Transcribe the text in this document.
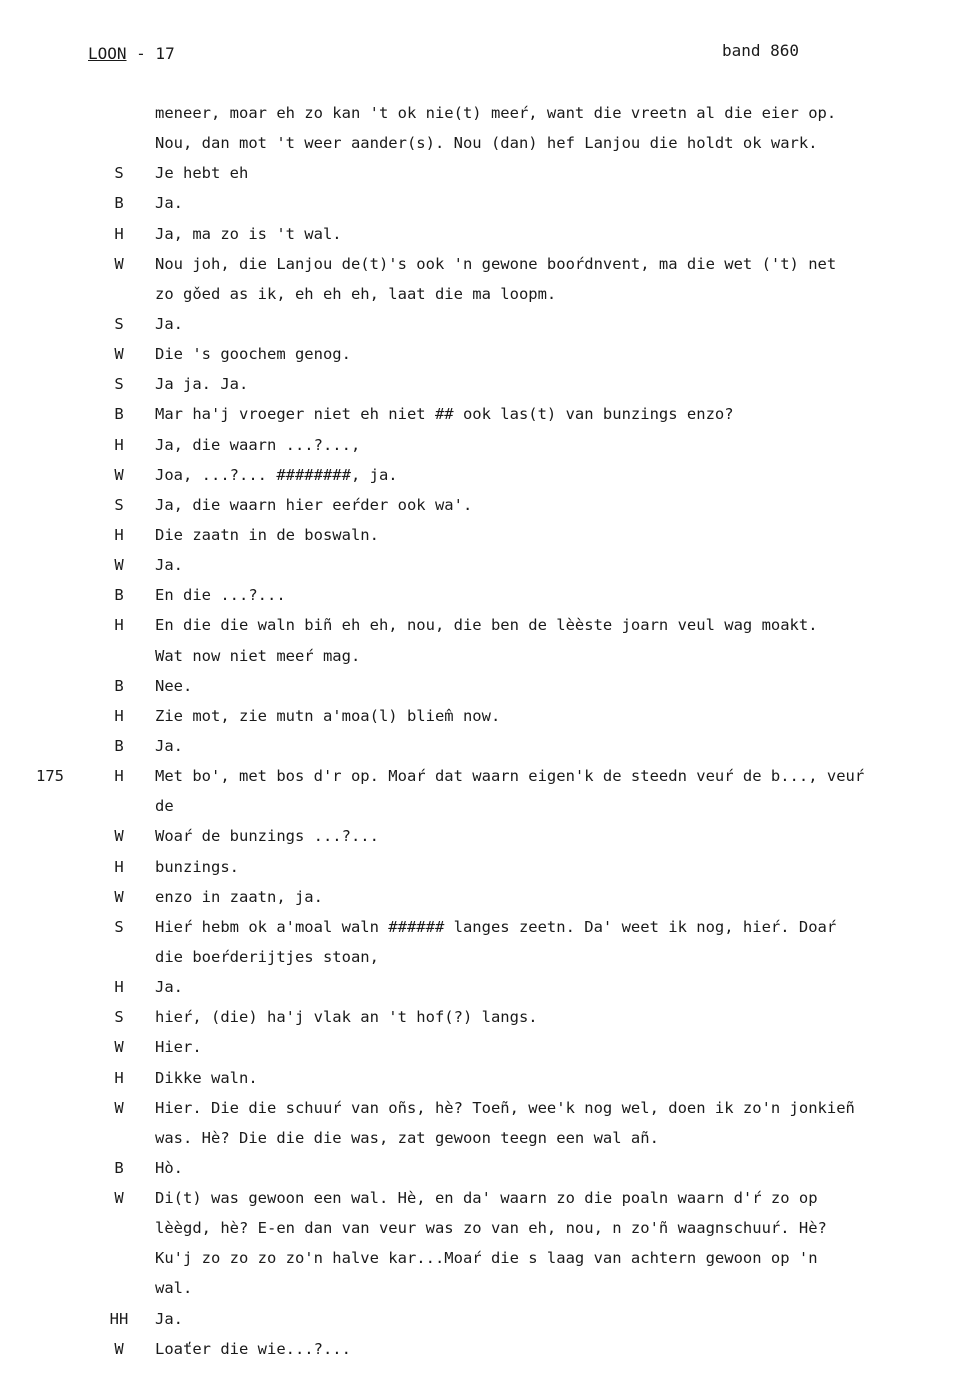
LOON - 17	band 860
meneer, moar eh zo kan 't ok nie(t) meeŕ, want die vreetn al die eier op.
Nou, dan mot 't weer aander(s). Nou (dan) hef Lanjou die holdt ok wark.
S	Je hebt eh
B	Ja.
H	Ja, ma zo is 't wal.
W	Nou joh, die Lanjou de(t)'s ook 'n gewone booŕdnvent, ma die wet ('t) net
zo gǒed as ik, eh eh eh, laat die ma loopm.
S	Ja.
W	Die 's goochem genog.
S	Ja ja. Ja.
B	Mar ha'j vroeger niet eh niet ## ook las(t) van bunzings enzo?
H	Ja, die waarn ...?...,
W	Joa, ...?... ########, ja.
S	Ja, die waarn hier eeŕder ook wa'.
H	Die zaatn in de boswaln.
W	Ja.
B	En die ...?...
H	En die die waln biñ eh eh, nou, die ben de lèèste joarn veul wag moakt.
Wat now niet meeŕ mag.
B	Nee.
H	Zie mot, zie mutn a'moa(l) bliem̂ now.
B	Ja.
175	H	Met bo', met bos d'r op. Moaŕ dat waarn eigen'k de steedn veuŕ de b..., veuŕ
de
W	Woaŕ de bunzings ...?...
H	bunzings.
W	enzo in zaatn, ja.
S	Hieŕ hebm ok a'moal waln ###### langes zeetn. Da' weet ik nog, hieŕ. Doaŕ
die boeŕderijtjes stoan,
H	Ja.
S	hieŕ, (die) ha'j vlak an 't hof(?) langs.
W	Hier.
H	Dikke waln.
W	Hier. Die die schuuŕ van oñs, hè? Toeñ, wee'k nog wel, doen ik zo'n jonkieñ
was. Hè? Die die die was, zat gewoon teegn een wal añ.
B	Hò.
W	Di(t) was gewoon een wal. Hè, en da' waarn zo die poaln waarn d'ŕ zo op
lèègd, hè? E-en dan van veur was zo van eh, nou, n zo'ñ waagnschuuŕ. Hè?
Ku'j zo zo zo zo'n halve kar...Moaŕ die s laag van achtern gewoon op 'n
wal.
HH	Ja.
W	Loaťer die wie...?...
